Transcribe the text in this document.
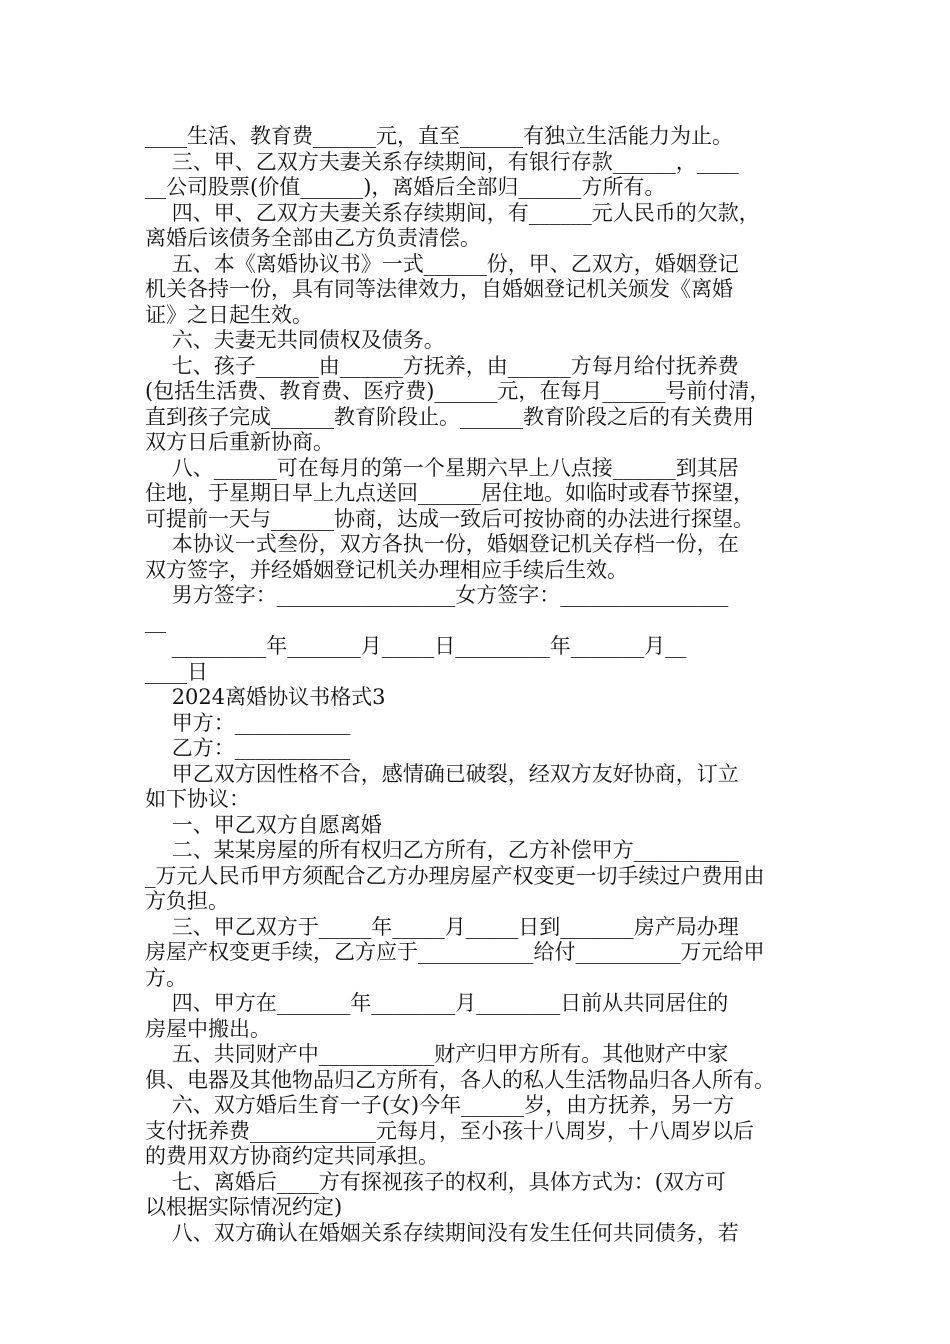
____生活、教育费______元，直至______有独立生活能力为止。
三、甲、乙双方夫妻关系存续期间，有银行存款______，____
__公司股票(价值______)，离婚后全部归______方所有。
四、甲、乙双方夫妻关系存续期间，有______元人民币的欠款，
离婚后该债务全部由乙方负责清偿。
五、本《离婚协议书》一式______份，甲、乙双方，婚姻登记
机关各持一份，具有同等法律效力，自婚姻登记机关颁发《离婚
证》之日起生效。
六、夫妻无共同债权及债务。
七、孩子______由______方抚养，由______方每月给付抚养费
(包括生活费、教育费、医疗费)______元，在每月______号前付清，
直到孩子完成______教育阶段止。______教育阶段之后的有关费用
双方日后重新协商。
八、______可在每月的第一个星期六早上八点接______到其居
住地，于星期日早上九点送回______居住地。如临时或春节探望，
可提前一天与______协商，达成一致后可按协商的办法进行探望。
本协议一式叁份，双方各执一份，婚姻登记机关存档一份，在
双方签字，并经婚姻登记机关办理相应手续后生效。
男方签字：_________________女方签字：________________
__
_________年_______月_____日_________年_______月__
____日
2024离婚协议书格式3
甲方：___________
乙方：___________
甲乙双方因性格不合，感情确已破裂，经双方友好协商，订立
如下协议：
一、甲乙双方自愿离婚
二、某某房屋的所有权归乙方所有，乙方补偿甲方__________
_万元人民币甲方须配合乙方办理房屋产权变更一切手续过户费用由
方负担。
三、甲乙双方于_____年_____月_____日到_______房产局办理
房屋产权变更手续，乙方应于___________给付__________万元给甲
方。
四、甲方在_______年________月________日前从共同居住的
房屋中搬出。
五、共同财产中___________财产归甲方所有。其他财产中家
俱、电器及其他物品归乙方所有，各人的私人生活物品归各人所有。
六、双方婚后生育一子(女)今年______岁，由方抚养，另一方
支付抚养费____________元每月，至小孩十八周岁，十八周岁以后
的费用双方协商约定共同承担。
七、离婚后____方有探视孩子的权利，具体方式为：(双方可
以根据实际情况约定)
八、双方确认在婚姻关系存续期间没有发生任何共同债务，若
